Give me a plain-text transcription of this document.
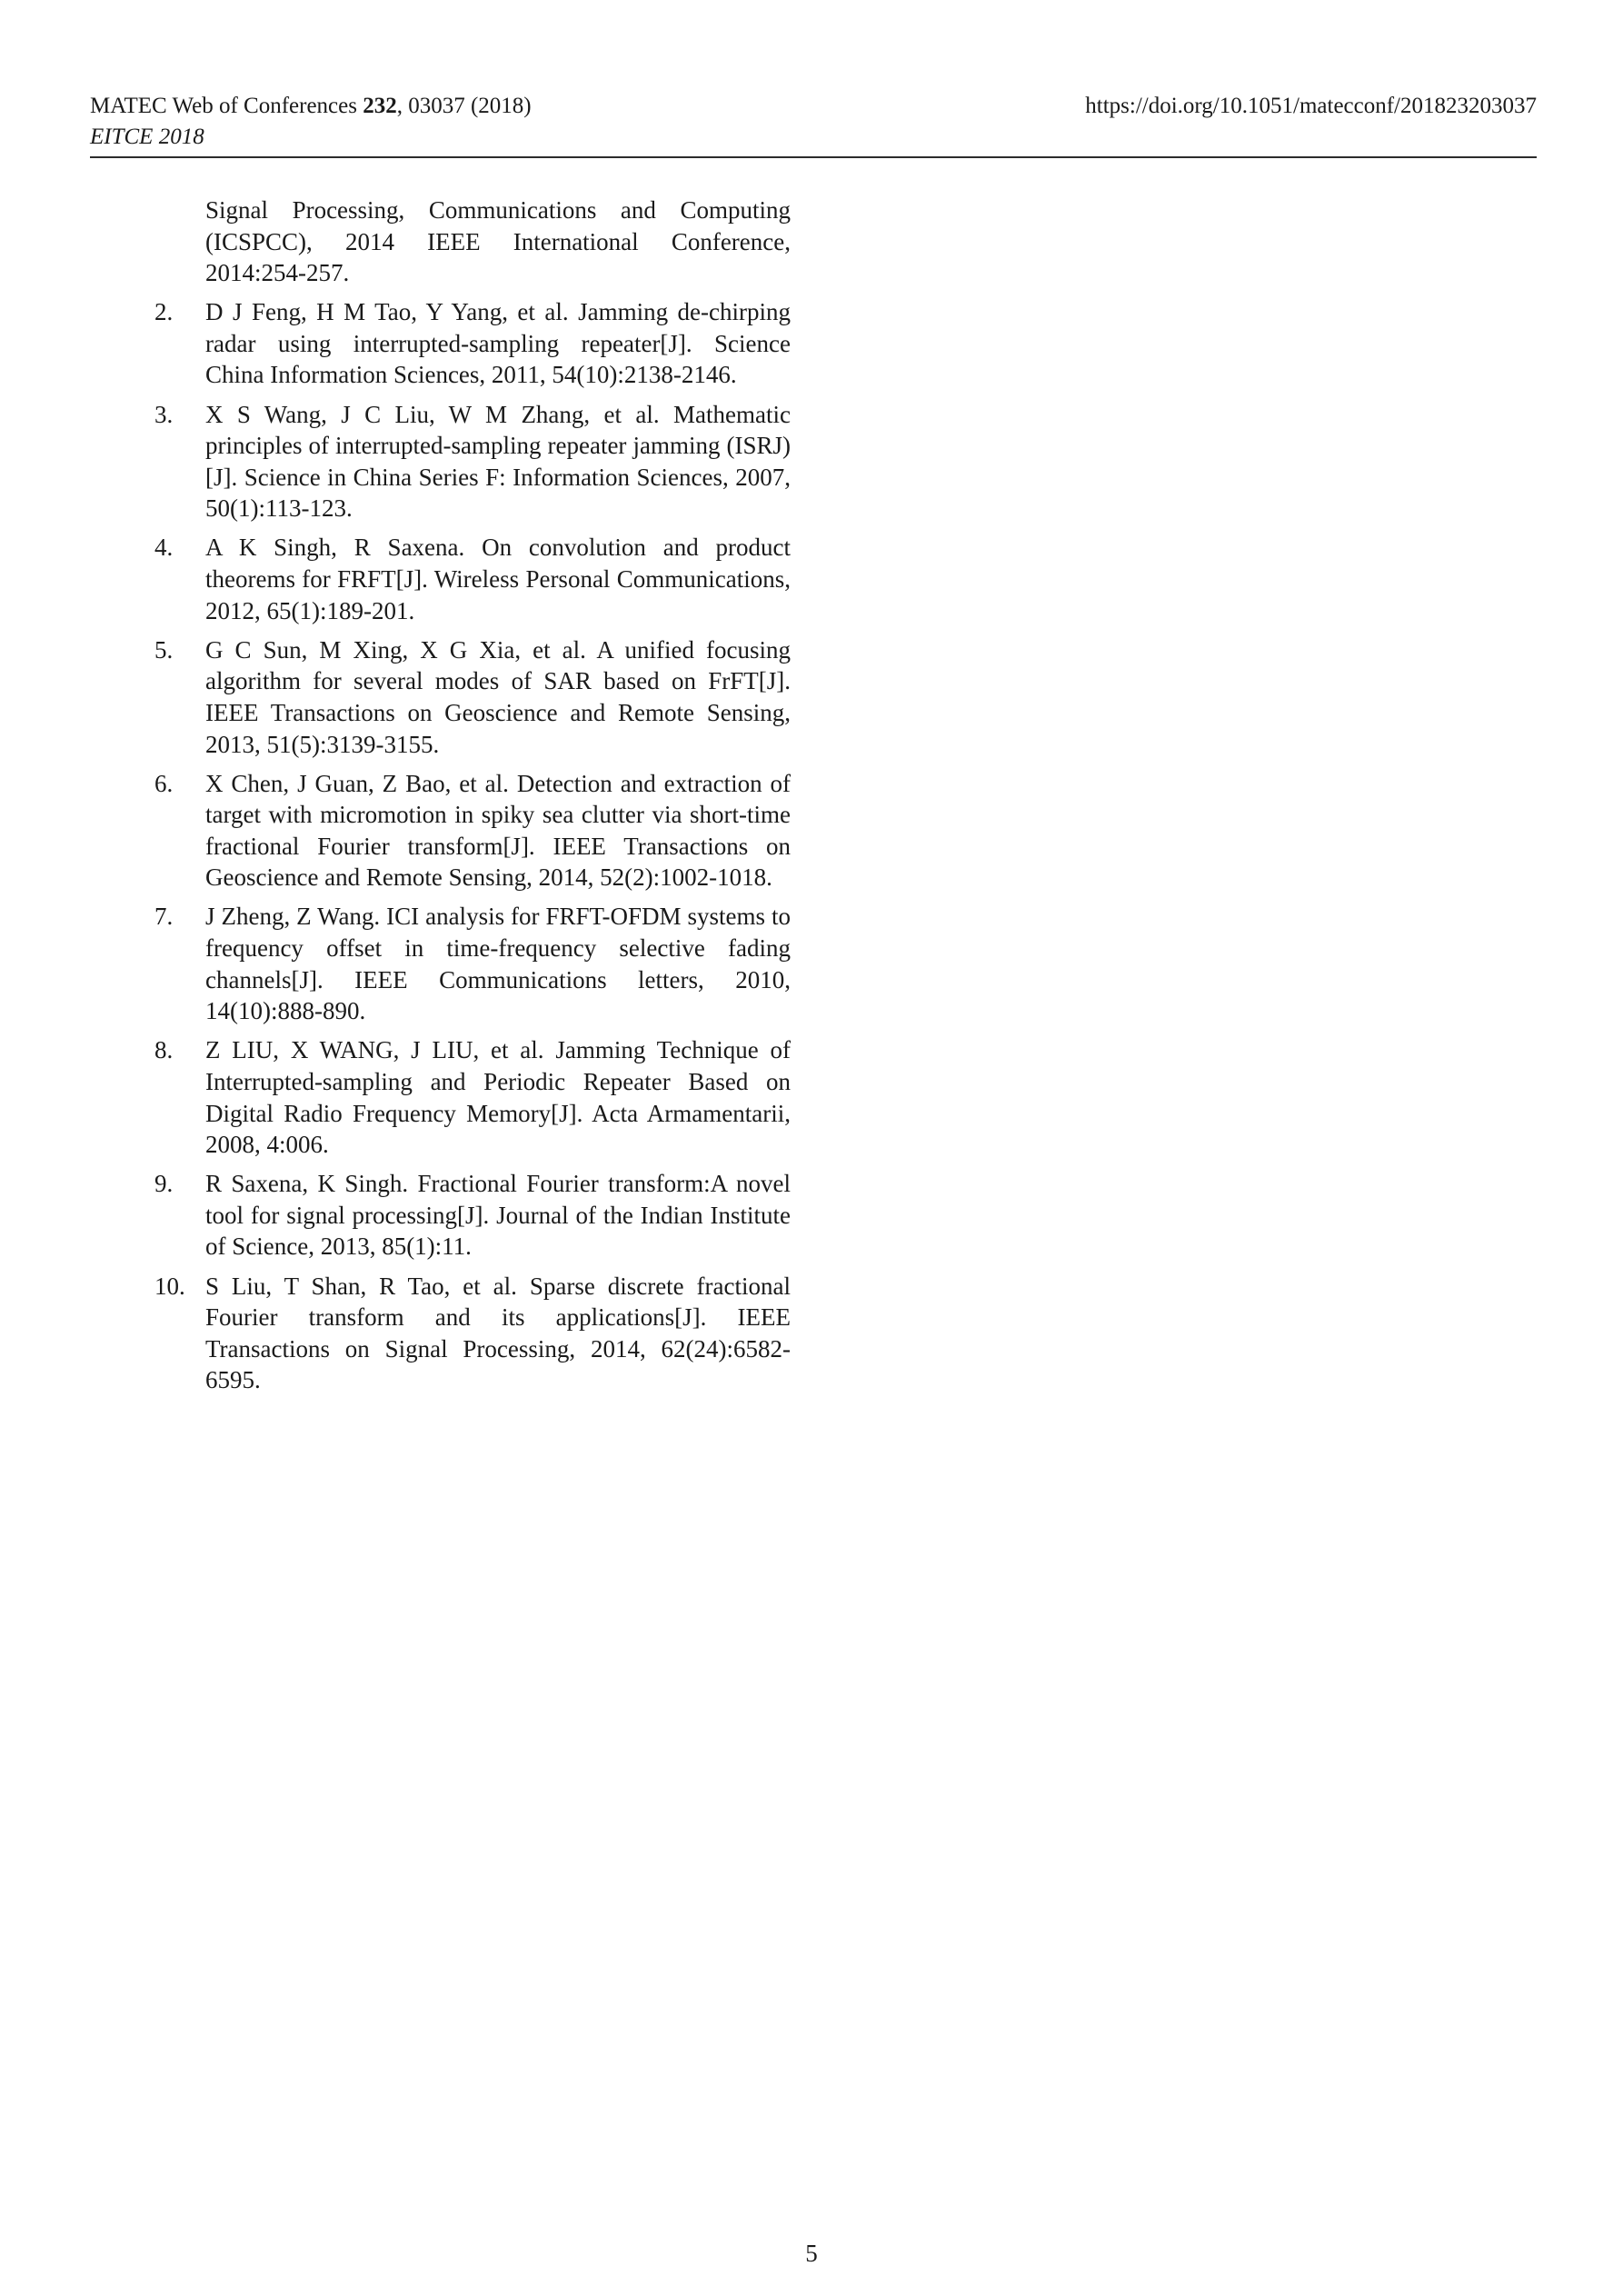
MATEC Web of Conferences 232, 03037 (2018)
EITCE 2018
https://doi.org/10.1051/matecconf/201823203037
Signal Processing, Communications and Computing (ICSPCC), 2014 IEEE International Conference, 2014:254-257.
2. D J Feng, H M Tao, Y Yang, et al. Jamming de-chirping radar using interrupted-sampling repeater[J]. Science China Information Sciences, 2011, 54(10):2138-2146.
3. X S Wang, J C Liu, W M Zhang, et al. Mathematic principles of interrupted-sampling repeater jamming (ISRJ)[J]. Science in China Series F: Information Sciences, 2007, 50(1):113-123.
4. A K Singh, R Saxena. On convolution and product theorems for FRFT[J]. Wireless Personal Communications, 2012, 65(1):189-201.
5. G C Sun, M Xing, X G Xia, et al. A unified focusing algorithm for several modes of SAR based on FrFT[J]. IEEE Transactions on Geoscience and Remote Sensing, 2013, 51(5):3139-3155.
6. X Chen, J Guan, Z Bao, et al. Detection and extraction of target with micromotion in spiky sea clutter via short-time fractional Fourier transform[J]. IEEE Transactions on Geoscience and Remote Sensing, 2014, 52(2):1002-1018.
7. J Zheng, Z Wang. ICI analysis for FRFT-OFDM systems to frequency offset in time-frequency selective fading channels[J]. IEEE Communications letters, 2010, 14(10):888-890.
8. Z LIU, X WANG, J LIU, et al. Jamming Technique of Interrupted-sampling and Periodic Repeater Based on Digital Radio Frequency Memory[J]. Acta Armamentarii, 2008, 4:006.
9. R Saxena, K Singh. Fractional Fourier transform:A novel tool for signal processing[J]. Journal of the Indian Institute of Science, 2013, 85(1):11.
10. S Liu, T Shan, R Tao, et al. Sparse discrete fractional Fourier transform and its applications[J]. IEEE Transactions on Signal Processing, 2014, 62(24):6582-6595.
5
